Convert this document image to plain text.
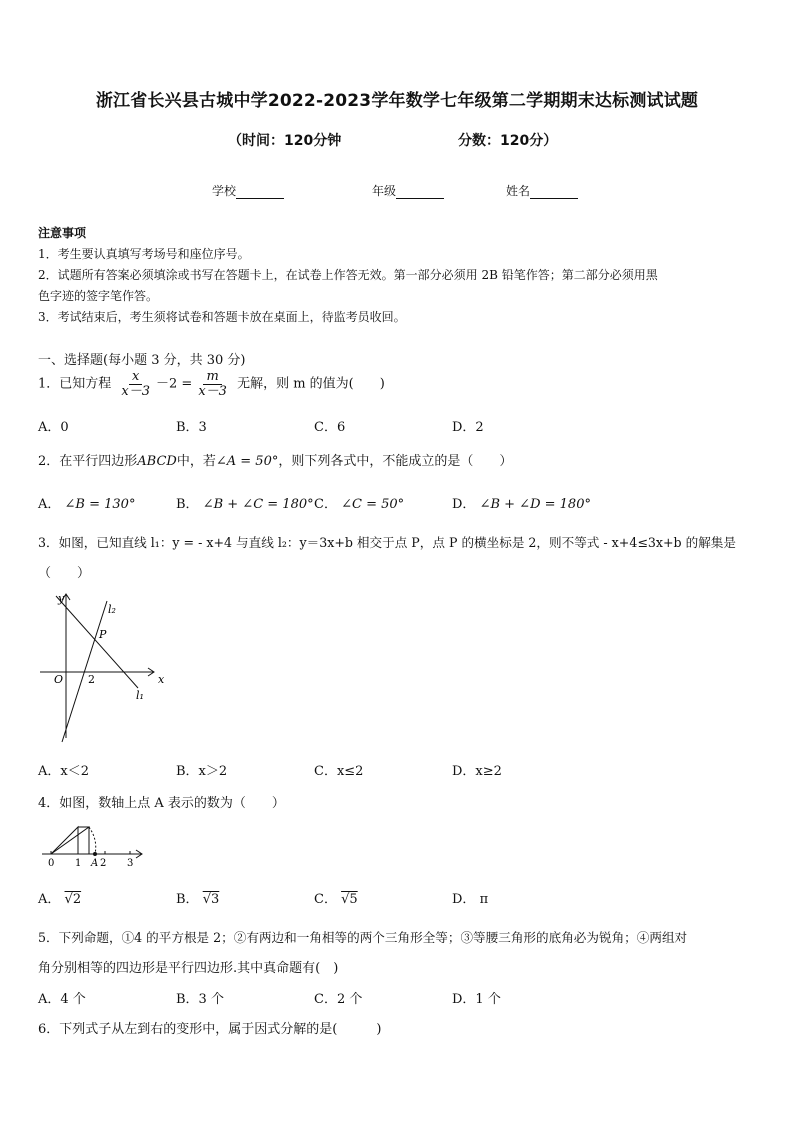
浙江省长兴县古城中学2022-2023学年数学七年级第二学期期末达标测试试题
（时间：120分钟	分数：120分）
学校	年级	姓名
注意事项
1．考生要认真填写考场号和座位序号。
2．试题所有答案必须填涂或书写在答题卡上，在试卷上作答无效。第一部分必须用 2B 铅笔作答；第二部分必须用黑
色字迹的签字笔作答。
3．考试结束后，考生须将试卷和答题卡放在桌面上，待监考员收回。
一、选择题(每小题 3 分，共 30 分)
1．已知方程 $\frac{x}{x-3} -2 = \frac{m}{x-3}$ 无解，则 m 的值为(　　)
A．0	B．3	C．6	D．2
2．在平行四边形ABCD中，若∠A = 50°，则下列各式中，不能成立的是（　　）
A． ∠B = 130°	B． ∠B + ∠C = 180° C． ∠C = 50°	D． ∠B + ∠D = 180°
3．如图，已知直线 l₁：y = - x+4 与直线 l₂：y＝3x+b 相交于点 P，点 P 的横坐标是 2，则不等式 - x+4≤3x+b 的解集是
（　　）
y
x
O 2
P
l₁
l₂
A．x＜2	B．x＞2	C．x≤2	D．x≥2
4．如图，数轴上点 A 表示的数为（　　）
0 1 A 2 3
A． √2	B． √3	C． √5	D． π
5．下列命题，①4 的平方根是 2；②有两边和一角相等的两个三角形全等；③等腰三角形的底角必为锐角；④两组对
角分别相等的四边形是平行四边形.其中真命题有(　)
A．4 个	B．3 个	C．2 个	D．1 个
6．下列式子从左到右的变形中，属于因式分解的是(　　　)
